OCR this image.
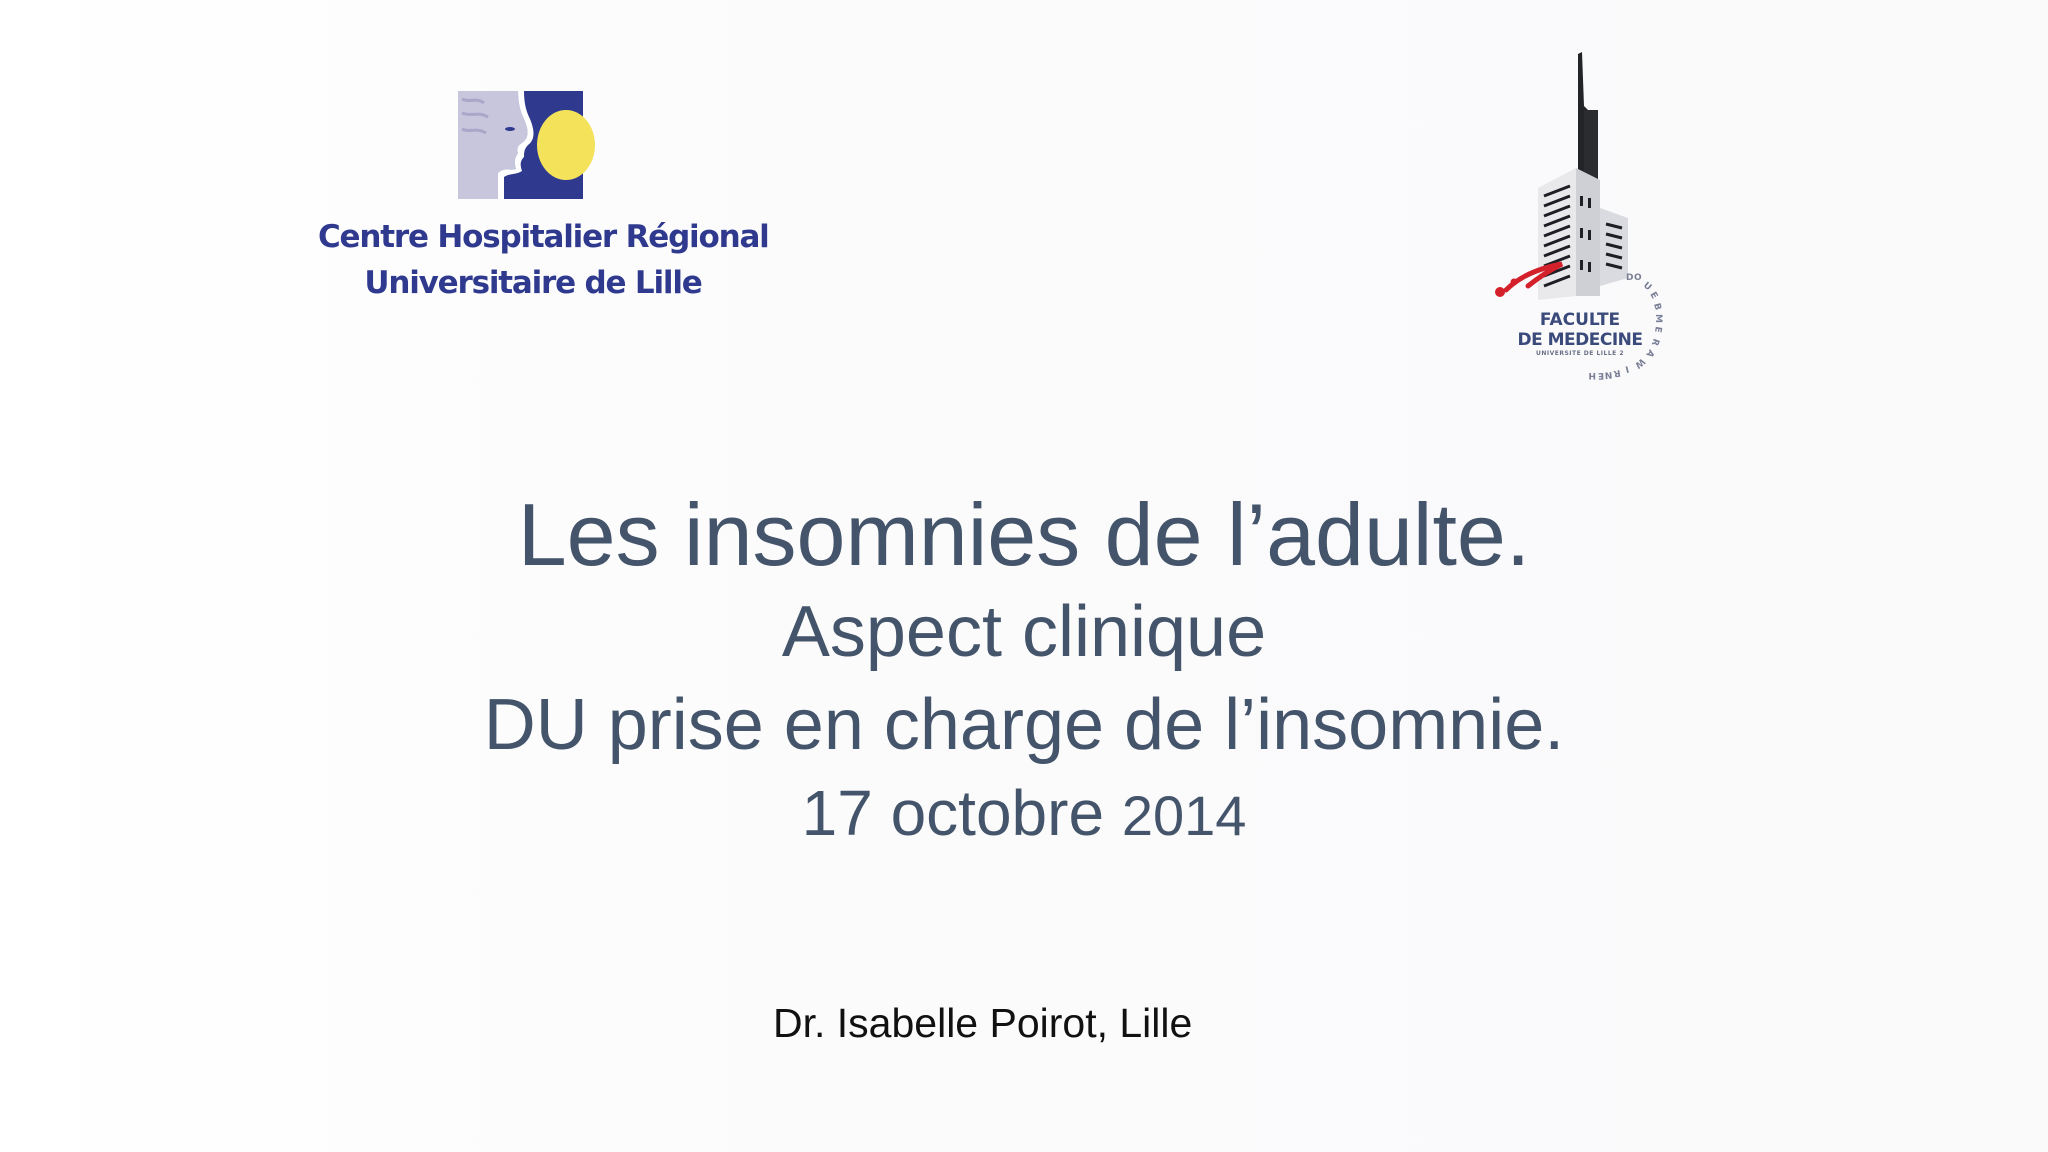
Centre Hospitalier Régional
Universitaire de Lille	D O
U
E
B
M
E
R
A
W
I
R
N
E
H
FACULTE
DE MEDECINE
UNIVERSITE DE LILLE 2
Les insomnies de l’adulte.
Aspect clinique
DU prise en charge de l’insomnie.
17 octobre 2014
Dr. Isabelle Poirot, Lille
